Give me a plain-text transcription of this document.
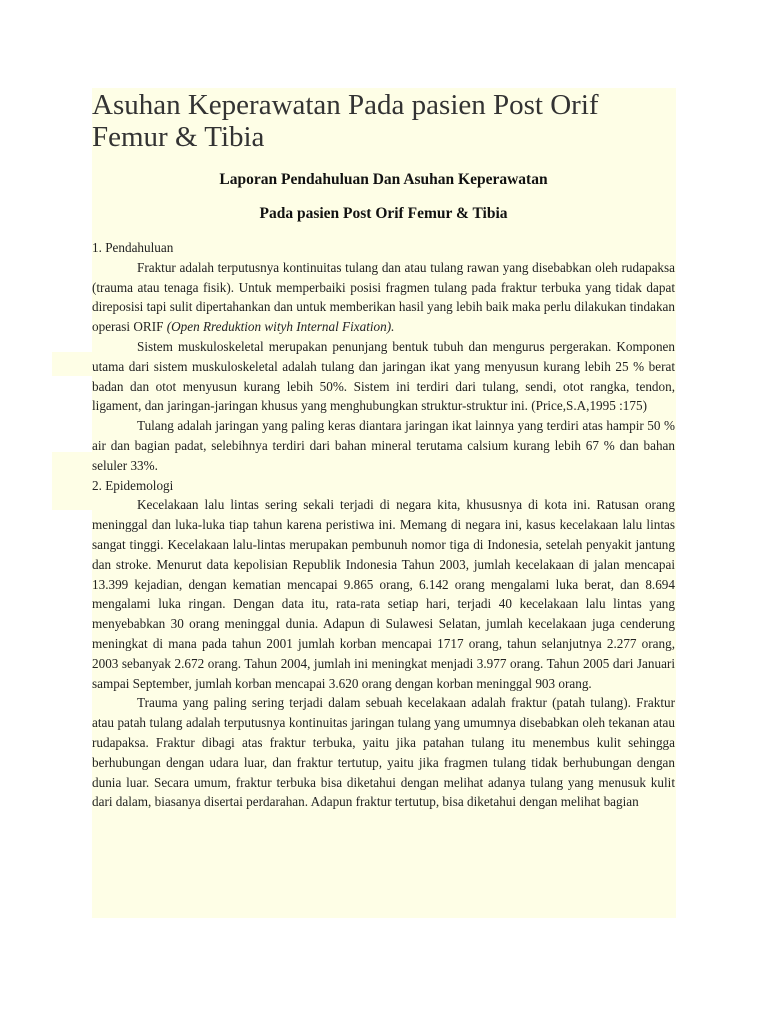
Asuhan Keperawatan Pada pasien Post Orif Femur & Tibia

Laporan Pendahuluan Dan Asuhan Keperawatan

Pada pasien Post Orif Femur & Tibia

1. Pendahuluan

Fraktur adalah terputusnya kontinuitas tulang dan atau tulang rawan yang disebabkan oleh rudapaksa (trauma atau tenaga fisik). Untuk memperbaiki posisi fragmen tulang pada fraktur terbuka yang tidak dapat direposisi tapi sulit dipertahankan dan untuk memberikan hasil yang lebih baik maka perlu dilakukan tindakan operasi ORIF (Open Rreduktion wityh Internal Fixation).

Sistem muskuloskeletal merupakan penunjang bentuk tubuh dan mengurus pergerakan. Komponen utama dari sistem muskuloskeletal adalah tulang dan jaringan ikat yang menyusun kurang lebih 25 % berat badan dan otot menyusun kurang lebih 50%. Sistem ini terdiri dari tulang, sendi, otot rangka, tendon, ligament, dan jaringan-jaringan khusus yang menghubungkan struktur-struktur ini. (Price,S.A,1995 :175)

Tulang adalah jaringan yang paling keras diantara jaringan ikat lainnya yang terdiri atas hampir 50 % air dan bagian padat, selebihnya terdiri dari bahan mineral terutama calsium kurang lebih 67 % dan bahan seluler 33%.

2. Epidemologi

Kecelakaan lalu lintas sering sekali terjadi di negara kita, khususnya di kota ini. Ratusan orang meninggal dan luka-luka tiap tahun karena peristiwa ini. Memang di negara ini, kasus kecelakaan lalu lintas sangat tinggi. Kecelakaan lalu-lintas merupakan pembunuh nomor tiga di Indonesia, setelah penyakit jantung dan stroke. Menurut data kepolisian Republik Indonesia Tahun 2003, jumlah kecelakaan di jalan mencapai 13.399 kejadian, dengan kematian mencapai 9.865 orang, 6.142 orang mengalami luka berat, dan 8.694 mengalami luka ringan. Dengan data itu, rata-rata setiap hari, terjadi 40 kecelakaan lalu lintas yang menyebabkan 30 orang meninggal dunia. Adapun di Sulawesi Selatan, jumlah kecelakaan juga cenderung meningkat di mana pada tahun 2001 jumlah korban mencapai 1717 orang, tahun selanjutnya 2.277 orang, 2003 sebanyak 2.672 orang. Tahun 2004, jumlah ini meningkat menjadi 3.977 orang. Tahun 2005 dari Januari sampai September, jumlah korban mencapai 3.620 orang dengan korban meninggal 903 orang.

Trauma yang paling sering terjadi dalam sebuah kecelakaan adalah fraktur (patah tulang). Fraktur atau patah tulang adalah terputusnya kontinuitas jaringan tulang yang umumnya disebabkan oleh tekanan atau rudapaksa. Fraktur dibagi atas fraktur terbuka, yaitu jika patahan tulang itu menembus kulit sehingga berhubungan dengan udara luar, dan fraktur tertutup, yaitu jika fragmen tulang tidak berhubungan dengan dunia luar. Secara umum, fraktur terbuka bisa diketahui dengan melihat adanya tulang yang menusuk kulit dari dalam, biasanya disertai perdarahan. Adapun fraktur tertutup, bisa diketahui dengan melihat bagian
